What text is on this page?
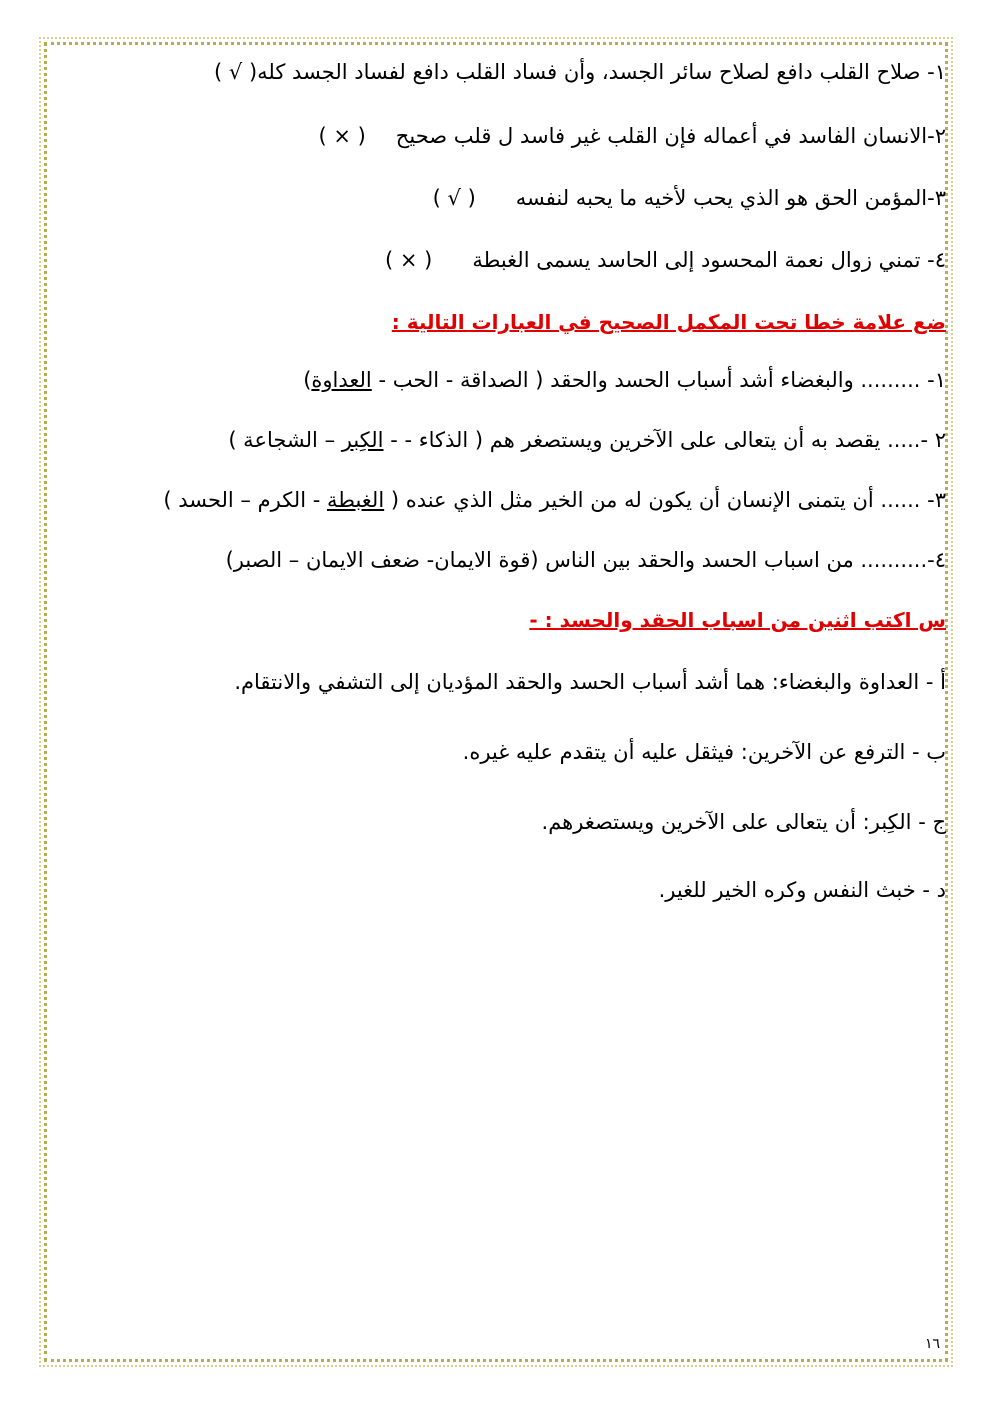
١- صلاح القلب دافع لصلاح سائر الجسد، وأن فساد القلب دافع لفساد الجسد كله( √ )
٢-الانسان الفاسد في أعماله فإن القلب غير فاسد ل قلب صحيح( × )
٣-المؤمن الحق هو الذي يحب لأخيه ما يحبه لنفسه( √ )
٤- تمني زوال نعمة المحسود إلى الحاسد يسمى الغبطة( × )
ضع علامة خطا تحت المكمل الصحيح في العبارات التالية :
١- ......... والبغضاء أشد أسباب الحسد والحقد ( الصداقة - الحب - العداوة)
٢ -..... يقصد به أن يتعالى على الآخرين ويستصغر هم ( الذكاء - - الكِبر – الشجاعة )
٣- ...... أن يتمنى الإنسان أن يكون له من الخير مثل الذي عنده ( الغبطة - الكرم – الحسد )
٤-.......... من اسباب الحسد والحقد بين الناس (قوة الايمان- ضعف الايمان – الصبر)
س اكتب اثنين من اسباب الحقد والحسد : -
أ - العداوة والبغضاء: هما أشد أسباب الحسد والحقد المؤديان إلى التشفي والانتقام.
ب - الترفع عن الآخرين: فيثقل عليه أن يتقدم عليه غيره.
ج - الكِبر: أن يتعالى على الآخرين ويستصغرهم.
د - خبث النفس وكره الخير للغير.
١٦
